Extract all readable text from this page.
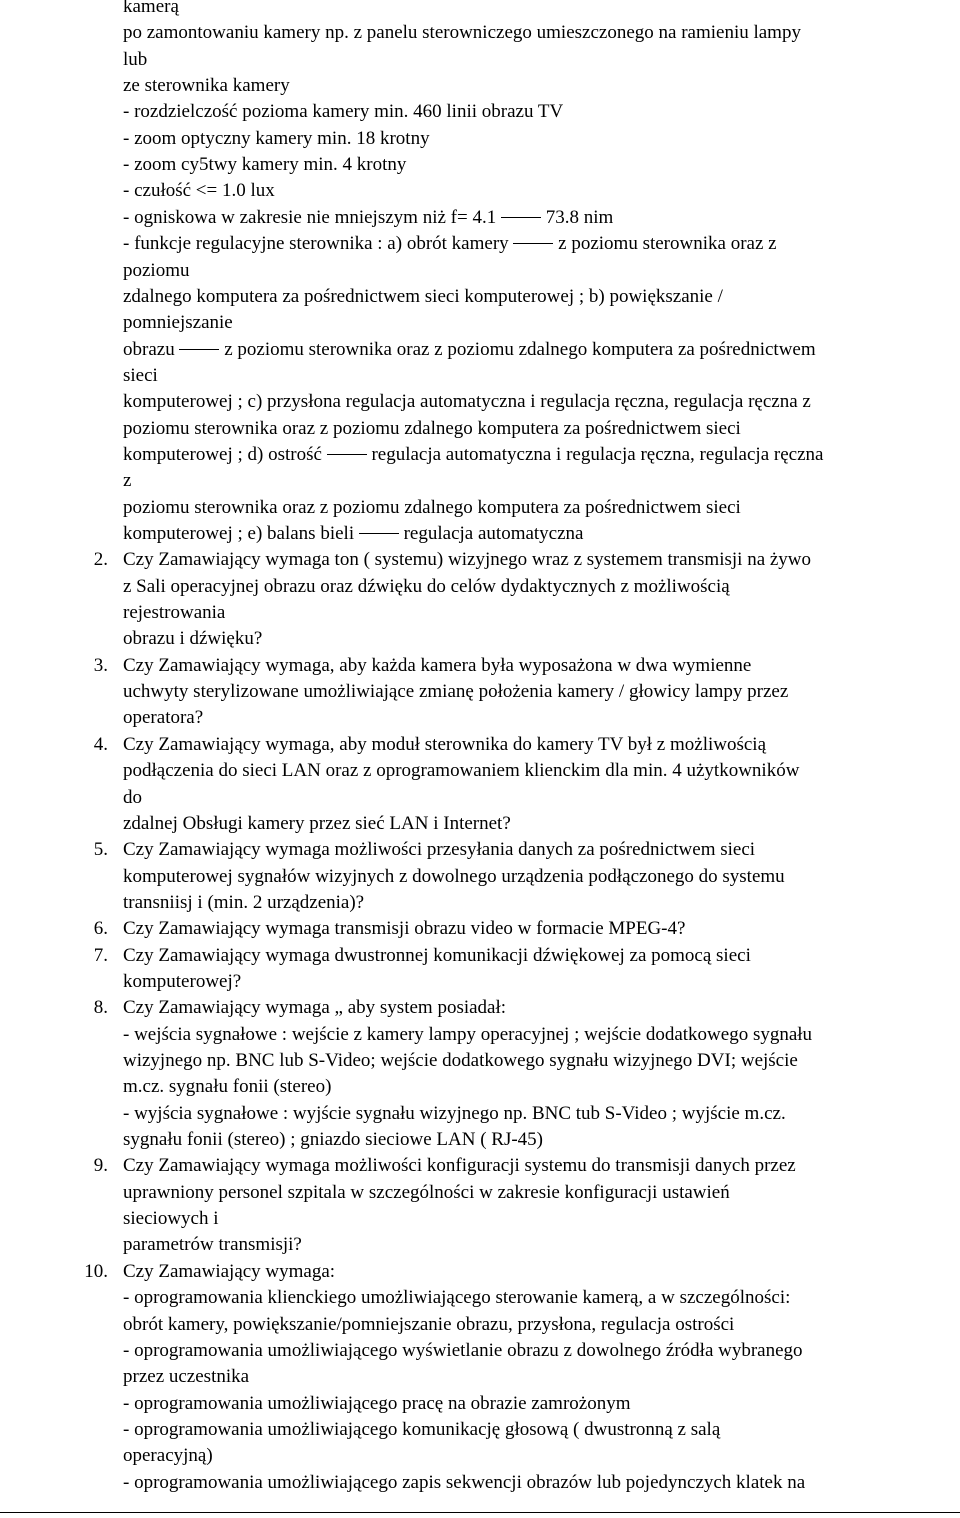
kamerą
po zamontowaniu kamery np. z panelu sterowniczego umieszczonego na ramieniu lampy
lub
ze sterownika kamery
- rozdzielczość pozioma kamery min. 460 linii obrazu TV
- zoom optyczny kamery min. 18 krotny
- zoom cy5twy kamery min. 4 krotny
- czułość <= 1.0 lux
- ogniskowa w zakresie nie mniejszym niż f= 4.1  73.8 nim
- funkcje regulacyjne sterownika : a) obrót kamery  z poziomu sterownika oraz z
poziomu
zdalnego komputera za pośrednictwem sieci komputerowej ; b) powiększanie /
pomniejszanie
obrazu  z poziomu sterownika oraz z poziomu zdalnego komputera za pośrednictwem
sieci
komputerowej ; c) przysłona regulacja automatyczna i regulacja ręczna, regulacja ręczna z
poziomu sterownika oraz z poziomu zdalnego komputera za pośrednictwem sieci
komputerowej ; d) ostrość  regulacja automatyczna i regulacja ręczna, regulacja ręczna
z
poziomu sterownika oraz z poziomu zdalnego komputera za pośrednictwem sieci
komputerowej ; e) balans bieli  regulacja automatyczna
2. Czy Zamawiający wymaga ton ( systemu) wizyjnego wraz z systemem transmisji na żywo
z Sali operacyjnej obrazu oraz dźwięku do celów dydaktycznych z możliwością
rejestrowania
obrazu i dźwięku?
3. Czy Zamawiający wymaga, aby każda kamera była wyposażona w dwa wymienne
uchwyty sterylizowane umożliwiające zmianę położenia kamery / głowicy lampy przez
operatora?
4. Czy Zamawiający wymaga, aby moduł sterownika do kamery TV był z możliwością
podłączenia do sieci LAN oraz z oprogramowaniem klienckim dla min. 4 użytkowników
do
zdalnej Obsługi kamery przez sieć LAN i Internet?
5. Czy Zamawiający wymaga możliwości przesyłania danych za pośrednictwem sieci
komputerowej sygnałów wizyjnych z dowolnego urządzenia podłączonego do systemu
transniisj i (min. 2 urządzenia)?
6. Czy Zamawiający wymaga transmisji obrazu video w formacie MPEG-4?
7. Czy Zamawiający wymaga dwustronnej komunikacji dźwiękowej za pomocą sieci
komputerowej?
8. Czy Zamawiający wymaga „ aby system posiadał:
- wejścia sygnałowe : wejście z kamery lampy operacyjnej ; wejście dodatkowego sygnału
wizyjnego np. BNC lub S-Video; wejście dodatkowego sygnału wizyjnego DVI; wejście
m.cz. sygnału fonii (stereo)
- wyjścia sygnałowe : wyjście sygnału wizyjnego np. BNC tub S-Video ; wyjście m.cz.
sygnału fonii (stereo) ; gniazdo sieciowe LAN ( RJ-45)
9. Czy Zamawiający wymaga możliwości konfiguracji systemu do transmisji danych przez
uprawniony personel szpitala w szczególności w zakresie konfiguracji ustawień
sieciowych i
parametrów transmisji?
10. Czy Zamawiający wymaga:
- oprogramowania klienckiego umożliwiającego sterowanie kamerą, a w szczególności:
obrót kamery, powiększanie/pomniejszanie obrazu, przysłona, regulacja ostrości
- oprogramowania umożliwiającego wyświetlanie obrazu z dowolnego źródła wybranego
przez uczestnika
- oprogramowania umożliwiającego pracę na obrazie zamrożonym
- oprogramowania umożliwiającego komunikację głosową ( dwustronną z salą
operacyjną)
- oprogramowania umożliwiającego zapis sekwencji obrazów lub pojedynczych klatek na
